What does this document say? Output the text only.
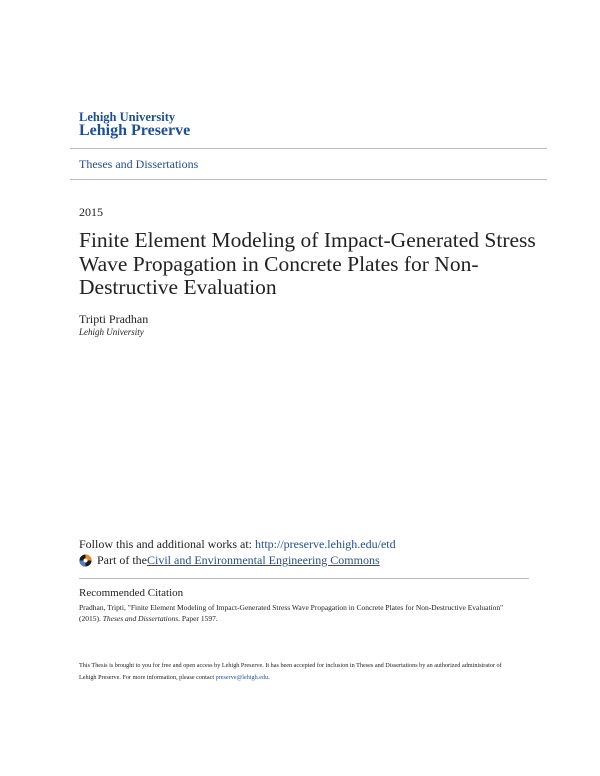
Lehigh University
Lehigh Preserve
Theses and Dissertations
2015
Finite Element Modeling of Impact-Generated Stress Wave Propagation in Concrete Plates for Non-Destructive Evaluation
Tripti Pradhan
Lehigh University
Follow this and additional works at: http://preserve.lehigh.edu/etd
Part of the Civil and Environmental Engineering Commons
Recommended Citation
Pradhan, Tripti, "Finite Element Modeling of Impact-Generated Stress Wave Propagation in Concrete Plates for Non-Destructive Evaluation" (2015). Theses and Dissertations. Paper 1597.
This Thesis is brought to you for free and open access by Lehigh Preserve. It has been accepted for inclusion in Theses and Dissertations by an authorized administrator of Lehigh Preserve. For more information, please contact preserve@lehigh.edu.
